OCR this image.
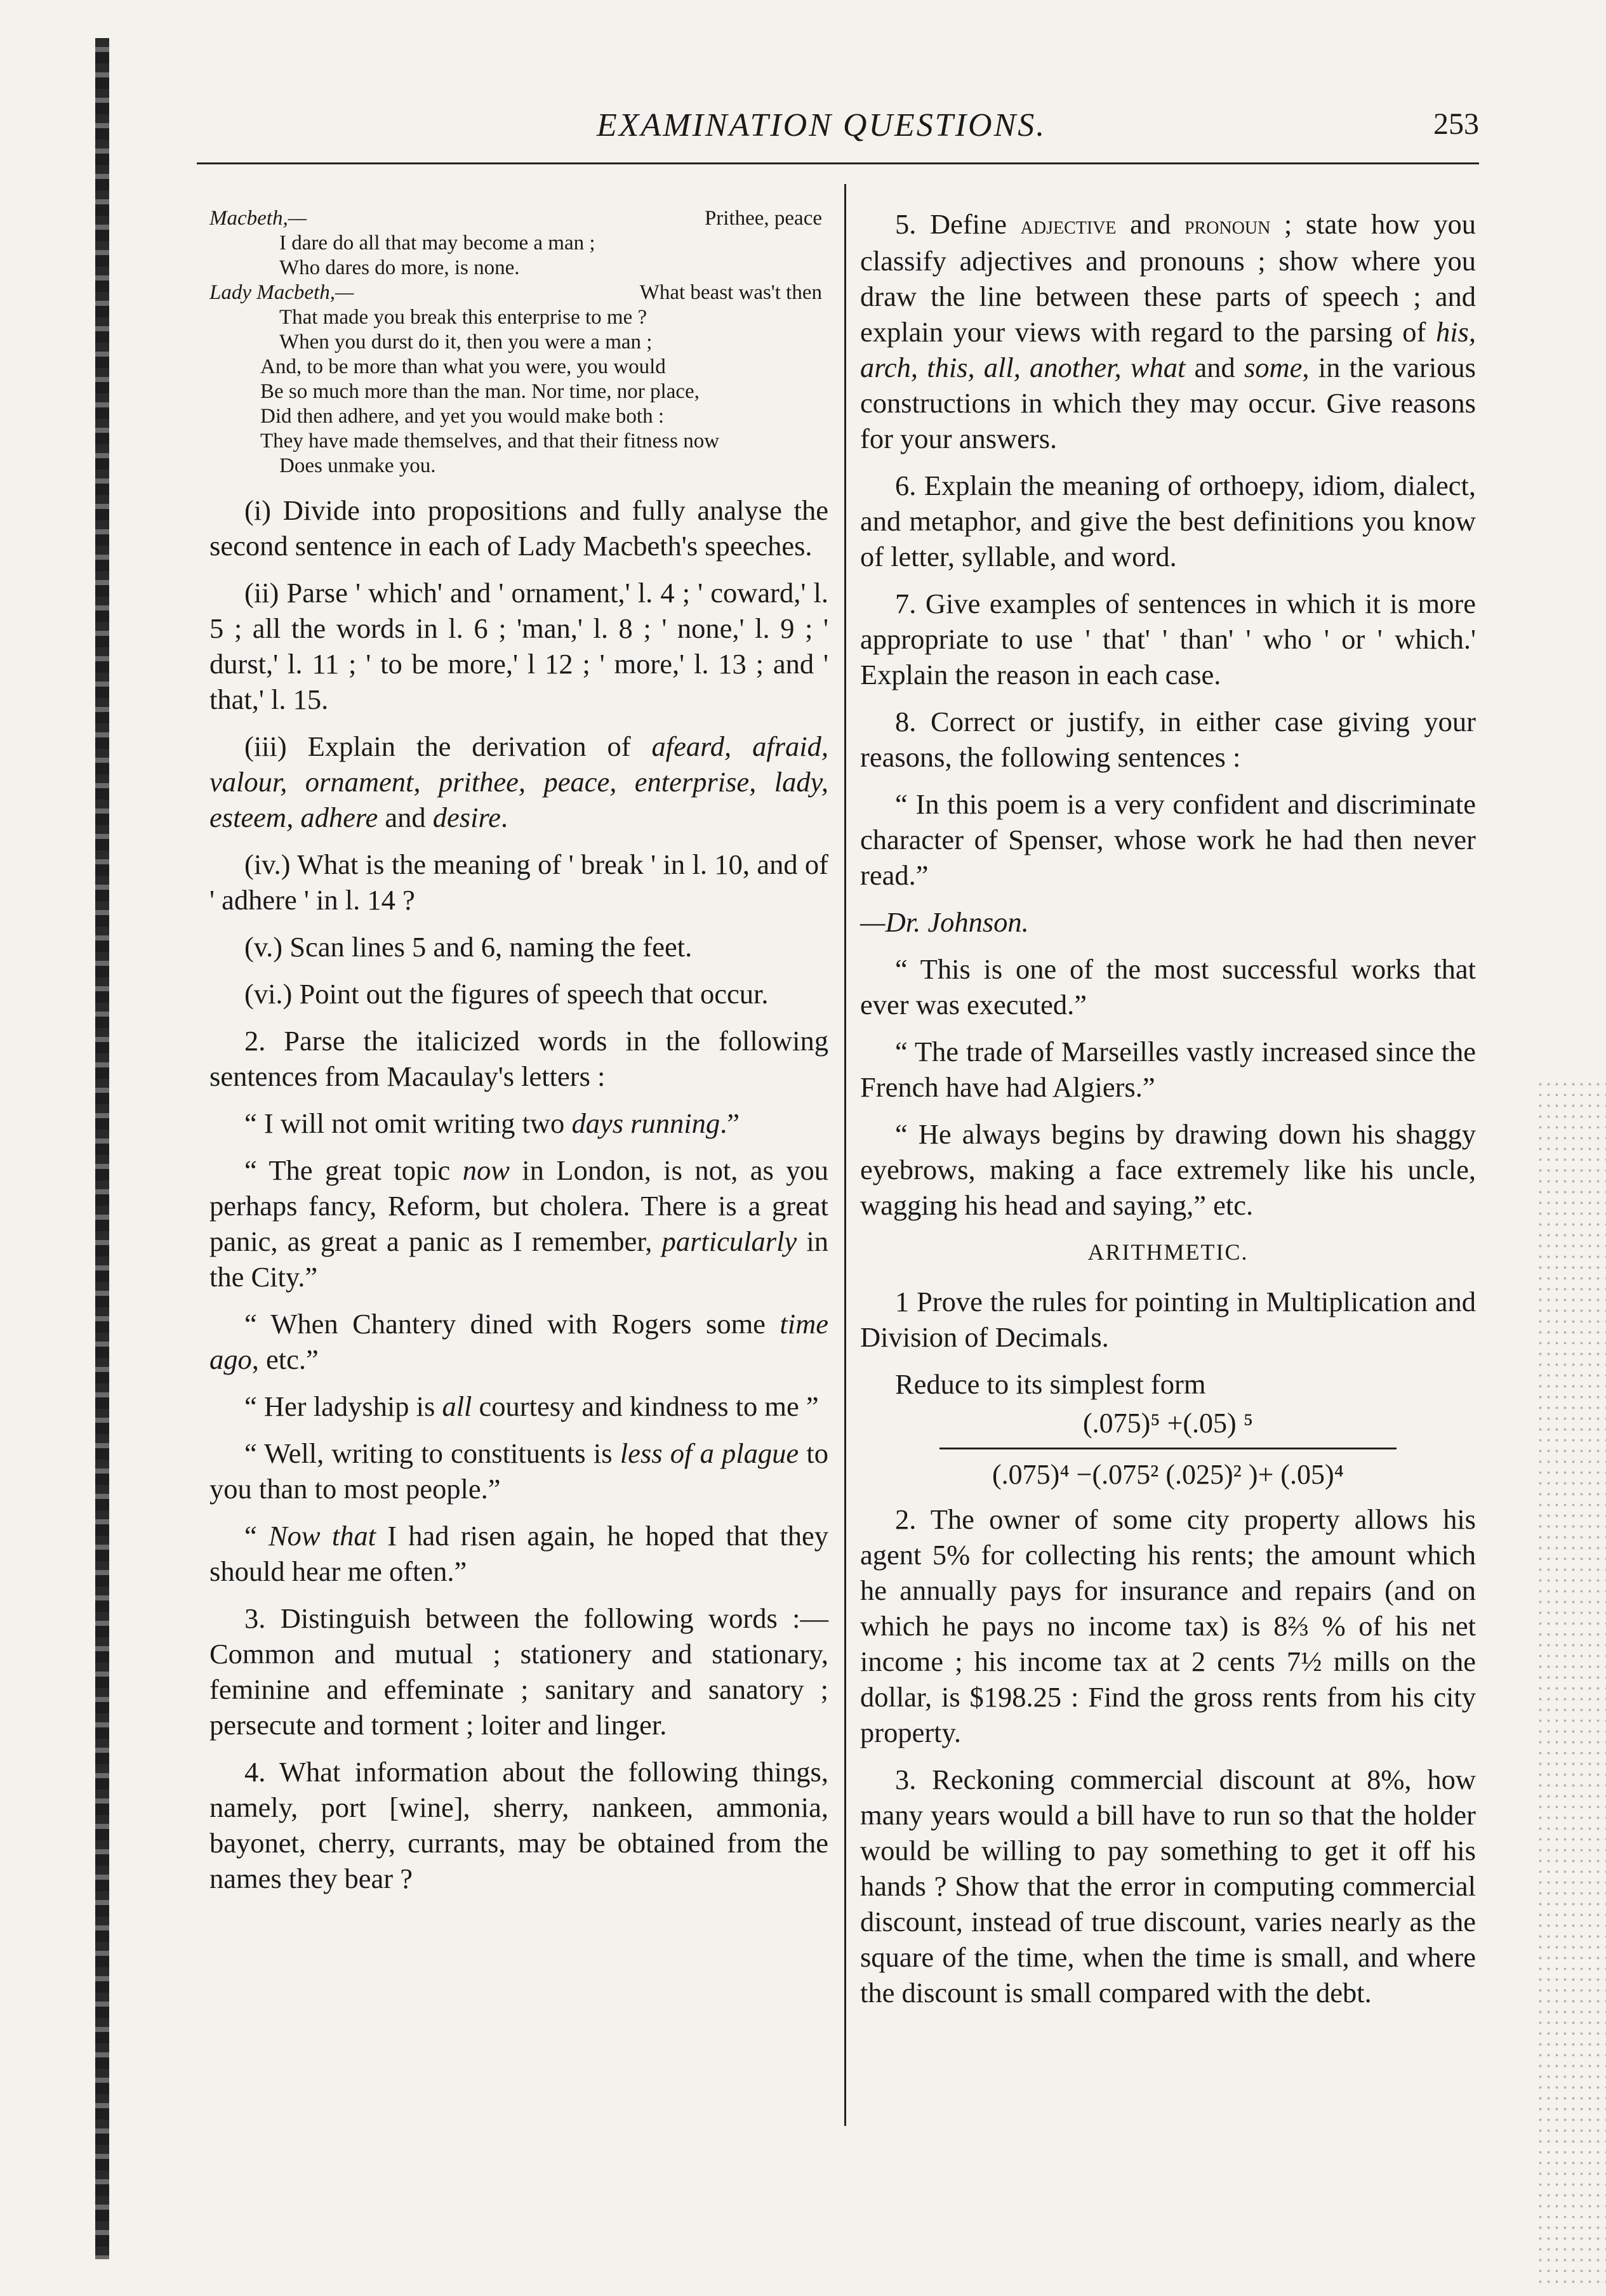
EXAMINATION QUESTIONS.	253
Macbeth,—	Prithee, peace
I dare do all that may become a man ;
Who dares do more, is none.
Lady Macbeth,—	What beast was't then
That made you break this enterprise to me ?
When you durst do it, then you were a man ;
And, to be more than what you were, you would
Be so much more than the man. Nor time, nor place,
Did then adhere, and yet you would make both :
They have made themselves, and that their fitness now
Does unmake you.

(i) Divide into propositions and fully analyse the second sentence in each of Lady Macbeth's speeches.

(ii) Parse ' which' and ' ornament,' l. 4 ; ' coward,' l. 5 ; all the words in l. 6 ; 'man,' l. 8 ; ' none,' l. 9 ; ' durst,' l. 11 ; ' to be more,' l 12 ; ' more,' l. 13 ; and ' that,' l. 15.

(iii) Explain the derivation of afeard, afraid, valour, ornament, prithee, peace, enterprise, lady, esteem, adhere and desire.

(iv.) What is the meaning of ' break ' in l. 10, and of ' adhere ' in l. 14 ?

(v.) Scan lines 5 and 6, naming the feet.

(vi.) Point out the figures of speech that occur.

2. Parse the italicized words in the following sentences from Macaulay's letters :

“ I will not omit writing two days running.”

“ The great topic now in London, is not, as you perhaps fancy, Reform, but cholera. There is a great panic, as great a panic as I remember, particularly in the City.”

“ When Chantery dined with Rogers some time ago, etc.”

“ Her ladyship is all courtesy and kindness to me ”

“ Well, writing to constituents is less of a plague to you than to most people.”

“ Now that I had risen again, he hoped that they should hear me often.”

3. Distinguish between the following words :—Common and mutual ; stationery and stationary, feminine and effeminate ; sanitary and sanatory ; persecute and torment ; loiter and linger.

4. What information about the following things, namely, port [wine], sherry, nankeen, ammonia, bayonet, cherry, currants, may be obtained from the names they bear ?

5. Define adjective and pronoun ; state how you classify adjectives and pronouns ; show where you draw the line between these parts of speech ; and explain your views with regard to the parsing of his, arch, this, all, another, what and some, in the various constructions in which they may occur. Give reasons for your answers.

6. Explain the meaning of orthoepy, idiom, dialect, and metaphor, and give the best definitions you know of letter, syllable, and word.

7. Give examples of sentences in which it is more appropriate to use ' that' ' than' ' who ' or ' which.' Explain the reason in each case.

8. Correct or justify, in either case giving your reasons, the following sentences :

“ In this poem is a very confident and discriminate character of Spenser, whose work he had then never read.”

—Dr. Johnson.

“ This is one of the most successful works that ever was executed.”

“ The trade of Marseilles vastly increased since the French have had Algiers.”

“ He always begins by drawing down his shaggy eyebrows, making a face extremely like his uncle, wagging his head and saying,” etc.

ARITHMETIC.

1 Prove the rules for pointing in Multiplication and Division of Decimals.

Reduce to its simplest form

(.075)⁵ +(.05) ⁵
(.075)⁴ −(.075² (.025)² )+ (.05)⁴

2. The owner of some city property allows his agent 5% for collecting his rents; the amount which he annually pays for insurance and repairs (and on which he pays no income tax) is 8⅔ % of his net income ; his income tax at 2 cents 7½ mills on the dollar, is $198.25 : Find the gross rents from his city property.

3. Reckoning commercial discount at 8%, how many years would a bill have to run so that the holder would be willing to pay something to get it off his hands ? Show that the error in computing commercial discount, instead of true discount, varies nearly as the square of the time, when the time is small, and where the discount is small compared with the debt.
